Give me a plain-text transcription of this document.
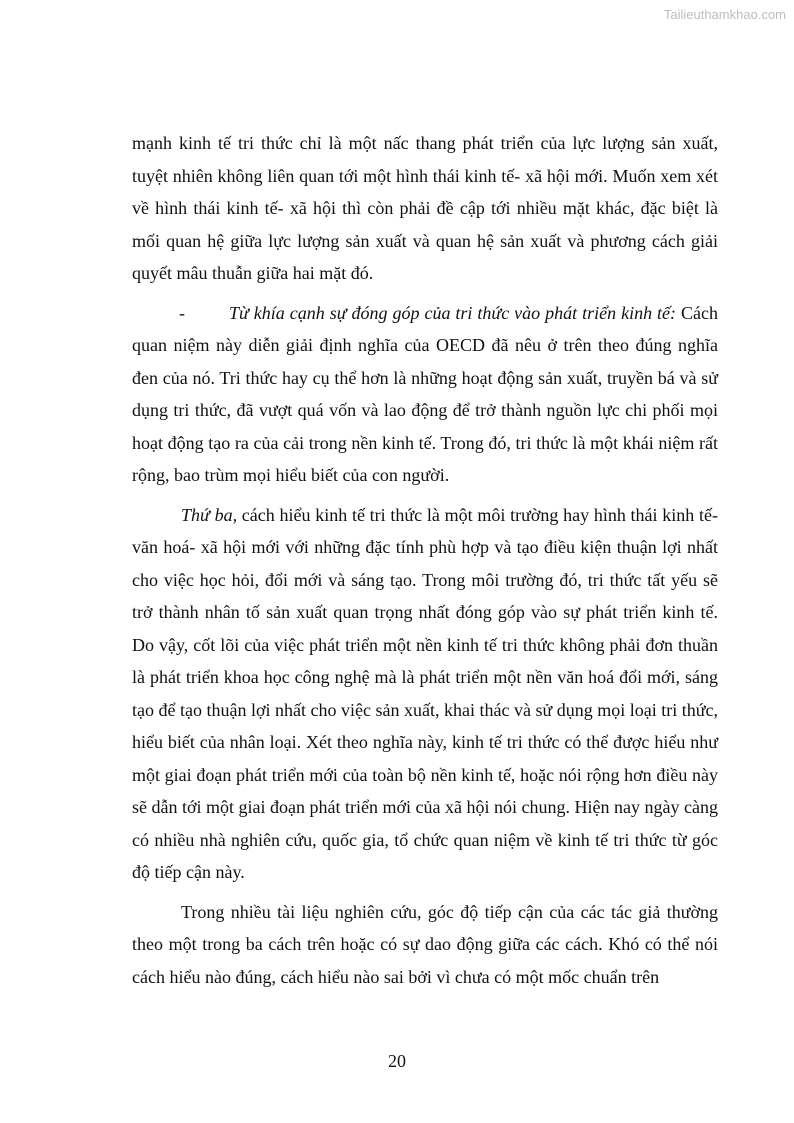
Tailieuthamkhao.com

mạnh kinh tế tri thức chỉ là một nấc thang phát triển của lực lượng sản xuất, tuyệt nhiên không liên quan tới một hình thái kinh tế- xã hội mới. Muốn xem xét về hình thái kinh tế- xã hội thì còn phải đề cập tới nhiều mặt khác, đặc biệt là mối quan hệ giữa lực lượng sản xuất và quan hệ sản xuất và phương cách giải quyết mâu thuẫn giữa hai mặt đó.

- Từ khía cạnh sự đóng góp của tri thức vào phát triển kinh tế: Cách quan niệm này diễn giải định nghĩa của OECD đã nêu ở trên theo đúng nghĩa đen của nó. Tri thức hay cụ thể hơn là những hoạt động sản xuất, truyền bá và sử dụng tri thức, đã vượt quá vốn và lao động để trở thành nguồn lực chi phối mọi hoạt động tạo ra của cải trong nền kinh tế. Trong đó, tri thức là một khái niệm rất rộng, bao trùm mọi hiểu biết của con người.

Thứ ba, cách hiểu kinh tế tri thức là một môi trường hay hình thái kinh tế- văn hoá- xã hội mới với những đặc tính phù hợp và tạo điều kiện thuận lợi nhất cho việc học hỏi, đổi mới và sáng tạo. Trong môi trường đó, tri thức tất yếu sẽ trở thành nhân tố sản xuất quan trọng nhất đóng góp vào sự phát triển kinh tế. Do vậy, cốt lõi của việc phát triển một nền kinh tế tri thức không phải đơn thuần là phát triển khoa học công nghệ mà là phát triển một nền văn hoá đổi mới, sáng tạo để tạo thuận lợi nhất cho việc sản xuất, khai thác và sử dụng mọi loại tri thức, hiểu biết của nhân loại. Xét theo nghĩa này, kinh tế tri thức có thể được hiểu như một giai đoạn phát triển mới của toàn bộ nền kinh tế, hoặc nói rộng hơn điều này sẽ dẫn tới một giai đoạn phát triển mới của xã hội nói chung. Hiện nay ngày càng có nhiều nhà nghiên cứu, quốc gia, tổ chức quan niệm về kinh tế tri thức từ góc độ tiếp cận này.

Trong nhiều tài liệu nghiên cứu, góc độ tiếp cận của các tác giả thường theo một trong ba cách trên hoặc có sự dao động giữa các cách. Khó có thể nói cách hiểu nào đúng, cách hiểu nào sai bởi vì chưa có một mốc chuẩn trên

20
